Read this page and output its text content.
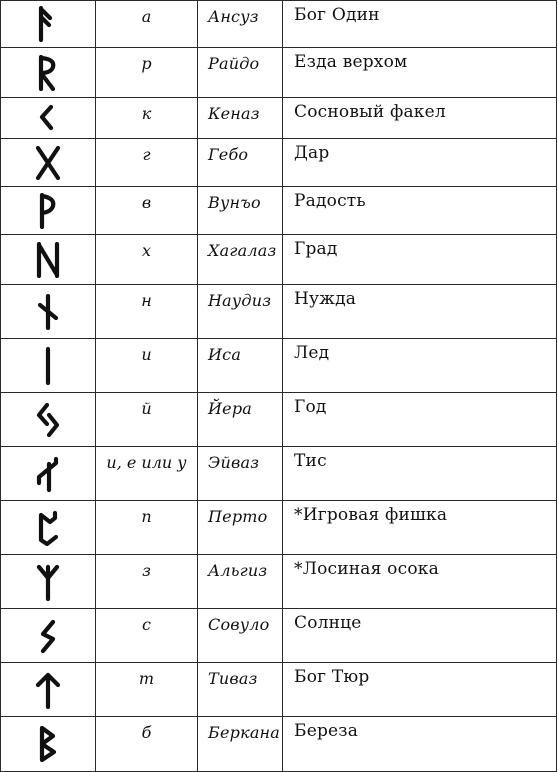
	а	Ансуз	Бог Один

	р	Райдо	Езда верхом

	к	Кеназ	Сосновый факел

	г	Гебо	Дар

	в	Вунъо	Радость

	х	Хагалаз	Град

	н	Наудиз	Нужда

	и	Иса	Лед

	й	Йера	Год

	и, е или у	Эйваз	Тис

	п	Перто	*Игровая фишка

	з	Альгиз	*Лосиная осока

	с	Совуло	Солнце

	т	Тиваз	Бог Тюр

	б	Беркана	Береза
